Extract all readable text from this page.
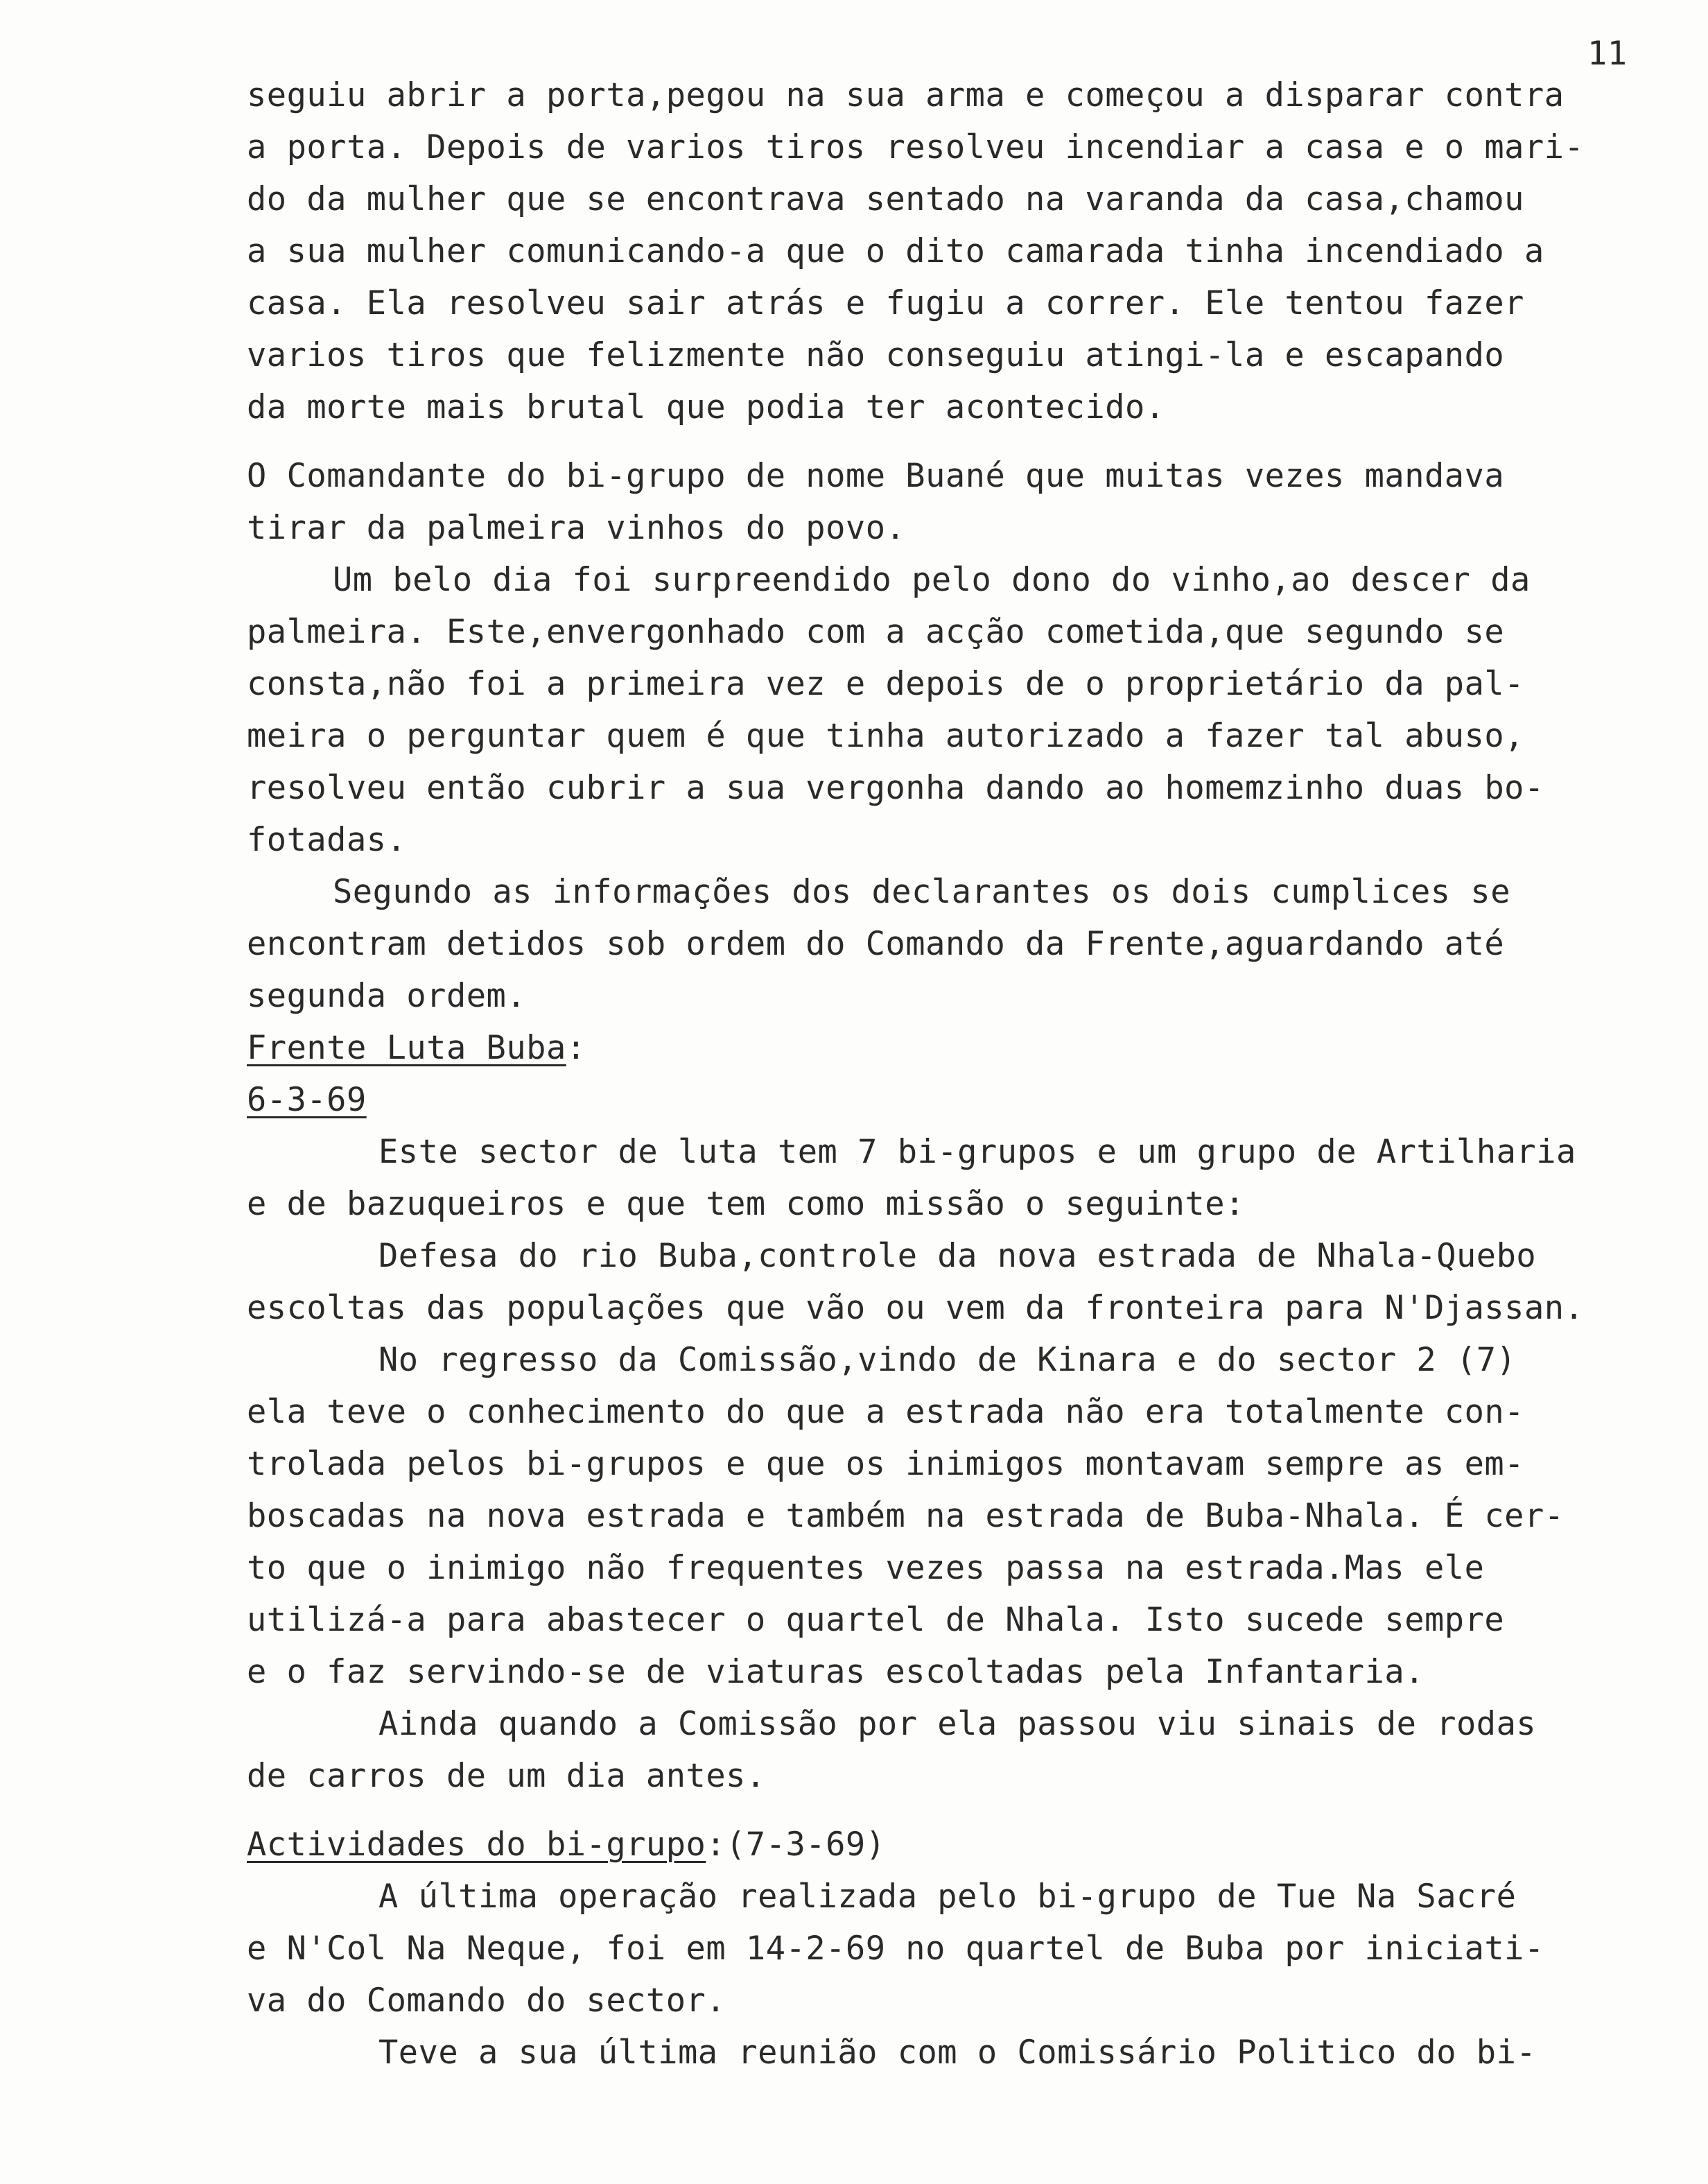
11

seguiu abrir a porta,pegou na sua arma e começou a disparar contra
a porta. Depois de varios tiros resolveu incendiar a casa e o mari-
do da mulher que se encontrava sentado na varanda da casa,chamou
a sua mulher comunicando-a que o dito camarada tinha incendiado a
casa. Ela resolveu sair atrás e fugiu a correr. Ele tentou fazer
varios tiros que felizmente não conseguiu atingi-la e escapando
da morte mais brutal que podia ter acontecido.
O Comandante do bi-grupo de nome Buané que muitas vezes mandava
tirar da palmeira vinhos do povo.
Um belo dia foi surpreendido pelo dono do vinho,ao descer da
palmeira. Este,envergonhado com a acção cometida,que segundo se
consta,não foi a primeira vez e depois de o proprietário da pal-
meira o perguntar quem é que tinha autorizado a fazer tal abuso,
resolveu então cubrir a sua vergonha dando ao homemzinho duas bo-
fotadas.
Segundo as informações dos declarantes os dois cumplices se
encontram detidos sob ordem do Comando da Frente,aguardando até
segunda ordem.
Frente Luta Buba:
6-3-69
Este sector de luta tem 7 bi-grupos e um grupo de Artilharia
e de bazuqueiros e que tem como missão o seguinte:
Defesa do rio Buba,controle da nova estrada de Nhala-Quebo
escoltas das populações que vão ou vem da fronteira para N'Djassan.
No regresso da Comissão,vindo de Kinara e do sector 2 (7)
ela teve o conhecimento do que a estrada não era totalmente con-
trolada pelos bi-grupos e que os inimigos montavam sempre as em-
boscadas na nova estrada e também na estrada de Buba-Nhala. É cer-
to que o inimigo não frequentes vezes passa na estrada.Mas ele
utilizá-a para abastecer o quartel de Nhala. Isto sucede sempre
e o faz servindo-se de viaturas escoltadas pela Infantaria.
Ainda quando a Comissão por ela passou viu sinais de rodas
de carros de um dia antes.
Actividades do bi-grupo:(7-3-69)
A última operação realizada pelo bi-grupo de Tue Na Sacré
e N'Col Na Neque, foi em 14-2-69 no quartel de Buba por iniciati-
va do Comando do sector.
Teve a sua última reunião com o Comissário Politico do bi-
